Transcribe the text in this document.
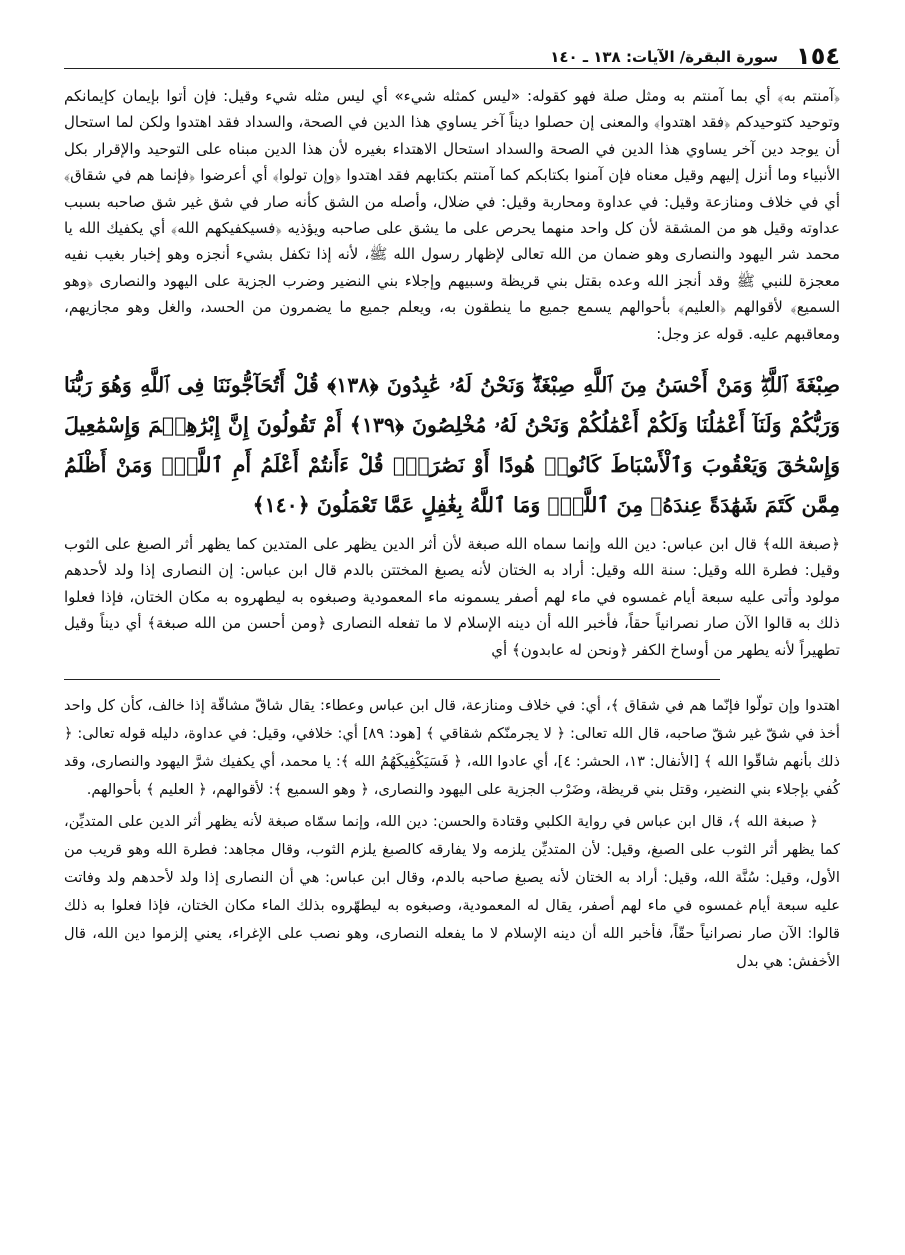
١٥٤
سورة البقرة/ الآيات: ١٣٨ ـ ١٤٠

﴿آمنتم به﴾ أي بما آمنتم به ومثل صلة فهو كقوله: «ليس كمثله شيء» أي ليس مثله شيء وقيل: فإن أتوا بإيمان كإيمانكم وتوحيد كتوحيدكم ﴿فقد اهتدوا﴾ والمعنى إن حصلوا ديناً آخر يساوي هذا الدين في الصحة، والسداد فقد اهتدوا ولكن لما استحال أن يوجد دين آخر يساوي هذا الدين في الصحة والسداد استحال الاهتداء بغيره لأن هذا الدين مبناه على التوحيد والإقرار بكل الأنبياء وما أنزل إليهم وقيل معناه فإن آمنوا بكتابكم كما آمنتم بكتابهم فقد اهتدوا ﴿وإن تولوا﴾ أي أعرضوا ﴿فإنما هم في شقاق﴾ أي في خلاف ومنازعة وقيل: في عداوة ومحاربة وقيل: في ضلال، وأصله من الشق كأنه صار في شق غير شق صاحبه بسبب عداوته وقيل هو من المشقة لأن كل واحد منهما يحرص على ما يشق على صاحبه ويؤذيه ﴿فسيكفيكهم الله﴾ أي يكفيك الله يا محمد شر اليهود والنصارى وهو ضمان من الله تعالى لإظهار رسول الله ﷺ، لأنه إذا تكفل بشيء أنجزه وهو إخبار بغيب نفيه معجزة للنبي ﷺ وقد أنجز الله وعده بقتل بني قريظة وسبيهم وإجلاء بني النضير وضرب الجزية على اليهود والنصارى ﴿وهو السميع﴾ لأقوالهم ﴿العليم﴾ بأحوالهم يسمع جميع ما ينطقون به، ويعلم جميع ما يضمرون من الحسد، والغل وهو مجازيهم، ومعاقبهم عليه. قوله عز وجل:

صِبْغَةَ ٱللَّهِۖ وَمَنْ أَحْسَنُ مِنَ ٱللَّهِ صِبْغَةًۖ وَنَحْنُ لَهُۥ عَٰبِدُونَ ﴿١٣٨﴾ قُلْ أَتُحَآجُّونَنَا فِى ٱللَّهِ وَهُوَ رَبُّنَا وَرَبُّكُمْ وَلَنَآ أَعْمَٰلُنَا وَلَكُمْ أَعْمَٰلُكُمْ وَنَحْنُ لَهُۥ مُخْلِصُونَ ﴿١٣٩﴾ أَمْ تَقُولُونَ إِنَّ إِبْرَٰهِـۧمَ وَإِسْمَٰعِيلَ وَإِسْحَٰقَ وَيَعْقُوبَ وَٱلْأَسْبَاطَ كَانُوا۟ هُودًا أَوْ نَصَٰرَىٰۗ قُلْ ءَأَنتُمْ أَعْلَمُ أَمِ ٱللَّهُۗ وَمَنْ أَظْلَمُ مِمَّن كَتَمَ شَهَٰدَةً عِندَهُۥ مِنَ ٱللَّهِۗ وَمَا ٱللَّهُ بِغَٰفِلٍ عَمَّا تَعْمَلُونَ ﴿١٤٠﴾

﴿صبغة الله﴾ قال ابن عباس: دين الله وإنما سماه الله صبغة لأن أثر الدين يظهر على المتدين كما يظهر أثر الصبغ على الثوب وقيل: فطرة الله وقيل: سنة الله وقيل: أراد به الختان لأنه يصبغ المختتن بالدم قال ابن عباس: إن النصارى إذا ولد لأحدهم مولود وأتى عليه سبعة أيام غمسوه في ماء لهم أصفر يسمونه ماء المعمودية وصبغوه به ليطهروه به مكان الختان، فإذا فعلوا ذلك به قالوا الآن صار نصرانياً حقاً، فأخبر الله أن دينه الإسلام لا ما تفعله النصارى ﴿ومن أحسن من الله صبغة﴾ أي ديناً وقيل تطهيراً لأنه يطهر من أوساخ الكفر ﴿ونحن له عابدون﴾ أي

اهتدوا وإن تولّوا فإنّما هم في شقاق ﴾، أي: في خلاف ومنازعة، قال ابن عباس وعطاء: يقال شاقّ مشاقّة إذا خالف، كأن كل واحد أخذ في شقّ غير شقّ صاحبه، قال الله تعالى: ﴿ لا يجرمنّكم شقاقي ﴾ [هود: ٨٩] أي: خلافي، وقيل: في عداوة، دليله قوله تعالى: ﴿ ذلك بأنهم شاقّوا الله ﴾ [الأنفال: ١٣، الحشر: ٤]، أي عادوا الله، ﴿ فَسَيَكْفِيكَهُمُ الله ﴾: يا محمد، أي يكفيك شرَّ اليهود والنصارى، وقد كُفي بإجلاء بني النضير، وقتل بني قريظة، وضَرْب الجزية على اليهود والنصارى، ﴿ وهو السميع ﴾: لأقوالهم، ﴿ العليم ﴾ بأحوالهم.

﴿ صبغة الله ﴾، قال ابن عباس في رواية الكلبي وقتادة والحسن: دين الله، وإنما سمّاه صبغة لأنه يظهر أثر الدين على المتديِّن، كما يظهر أثر الثوب على الصبغ، وقيل: لأن المتديِّن يلزمه ولا يفارقه كالصبغ يلزم الثوب، وقال مجاهد: فطرة الله وهو قريب من الأول، وقيل: سُنَّة الله، وقيل: أراد به الختان لأنه يصبغ صاحبه بالدم، وقال ابن عباس: هي أن النصارى إذا ولد لأحدهم ولد وفاتت عليه سبعة أيام غمسوه في ماء لهم أصفر، يقال له المعمودية، وصبغوه به ليطهّروه بذلك الماء مكان الختان، فإذا فعلوا به ذلك قالوا: الآن صار نصرانياً حقّاً، فأخبر الله أن دينه الإسلام لا ما يفعله النصارى، وهو نصب على الإغراء، يعني إلزموا دين الله، قال الأخفش: هي بدل
